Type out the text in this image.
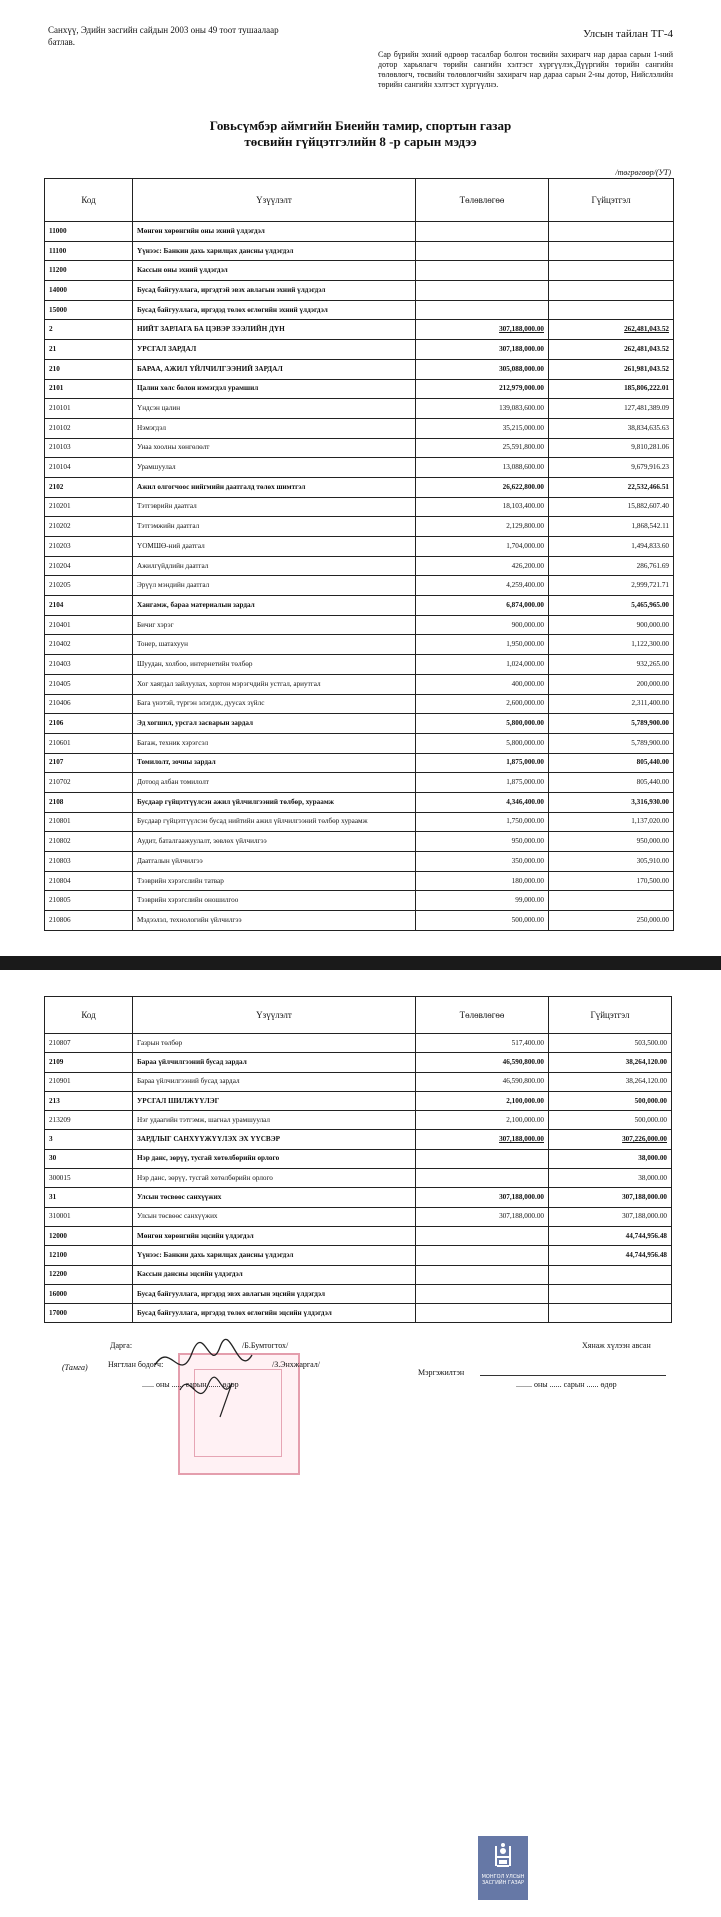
Санхүү, Эдийн засгийн сайдын 2003 оны 49 тоот тушаалаар батлав.
Улсын тайлан ТГ-4
Сар бүрийн эхний өдрөөр тасалбар болгон төсвийн захирагч нар дараа сарын 1-ний дотор харьялагч төрийн сангийн хэлтэст хүргүүлэх,Дүүргийн төрийн сангийн төлөвлөгч, төсвийн төлөвлөгчийн захирагч нар дараа сарын 2-ны дотор, Нийслэлийн төрийн сангийн хэлтэст хүргүүлнэ.
Говьсүмбэр аймгийн Биеийн тамир, спортын газар
төсвийн гүйцэтгэлийн 8 -р сарын мэдээ
/төгрөгөөр/(УТ)
Код	Үзүүлэлт	Төлөвлөгөө	Гүйцэтгэл
11000	Мөнгөн хөрөнгийн оны эхний үлдэгдэл		
11100	Үүнээс: Банкин дахь харилцах дансны үлдэгдэл		
11200	Кассын оны эхний үлдэгдэл		
14000	Бусад байгууллага, иргэдтэй эвэх авлагын эхний үлдэгдэл		
15000	Бусад байгууллага, иргэдэд төлөх өглөгийн эхний үлдэгдэл		
2	НИЙТ ЗАРЛАГА БА ЦЭВЭР ЗЭЭЛИЙН ДҮН	307,188,000.00	262,481,043.52
21	УРСГАЛ ЗАРДАЛ	307,188,000.00	262,481,043.52
210	БАРАА, АЖИЛ ҮЙЛЧИЛГЭЭНИЙ ЗАРДАЛ	305,088,000.00	261,981,043.52
2101	Цалин хөлс болон нэмэгдэл урамшил	212,979,000.00	185,806,222.01
210101	Үндсэн цалин	139,083,600.00	127,481,389.09
210102	Нэмэгдэл	35,215,000.00	38,834,635.63
210103	Унаа хоолны хөнгөлөлт	25,591,800.00	9,810,281.06
210104	Урамшуулал	13,088,600.00	9,679,916.23
2102	Ажил олгогчоос нийгмийн даатгалд төлөх шимтгэл	26,622,800.00	22,532,466.51
210201	Тэтгэврийн даатгал	18,103,400.00	15,882,607.40
210202	Тэтгэмжийн даатгал	2,129,800.00	1,868,542.11
210203	ҮОМШӨ-ний даатгал	1,704,000.00	1,494,833.60
210204	Ажилгүйдлийн даатгал	426,200.00	286,761.69
210205	Эрүүл мэндийн даатгал	4,259,400.00	2,999,721.71
2104	Хангамж, бараа материалын зардал	6,874,000.00	5,465,965.00
210401	Бичиг хэрэг	900,000.00	900,000.00
210402	Тонер, шатахуун	1,950,000.00	1,122,300.00
210403	Шуудан, холбоо, интернетийн төлбөр	1,024,000.00	932,265.00
210405	Хог хаягдал зайлуулах, хортон мэрэгчдийн устгал, ариутгал	400,000.00	200,000.00
210406	Бага үнэтэй, түргэн элэгдэх, дуусах зүйлс	2,600,000.00	2,311,400.00
2106	Эд хогшил, урсгал засварын зардал	5,800,000.00	5,789,900.00
210601	Багаж, техник хэрэгсэл	5,800,000.00	5,789,900.00
2107	Томилолт, зочны зардал	1,875,000.00	805,440.00
210702	Дотоод албан томилолт	1,875,000.00	805,440.00
2108	Бусдаар гүйцэтгүүлсэн ажил үйлчилгээний төлбөр, хураамж	4,346,400.00	3,316,930.00
210801	Бусдаар гүйцэтгүүлсэн бусад нийтийн ажил үйлчилгээний төлбөр хураамж	1,750,000.00	1,137,020.00
210802	Аудит, баталгаажуулалт, зөвлөх үйлчилгээ	950,000.00	950,000.00
210803	Даатгалын үйлчилгээ	350,000.00	305,910.00
210804	Тээврийн хэрэгслийн татвар	180,000.00	170,500.00
210805	Тээврийн хэрэгслийн оношилгоо	99,000.00	
210806	Мэдээлэл, технологийн үйлчилгээ	500,000.00	250,000.00
Код	Үзүүлэлт	Төлөвлөгөө	Гүйцэтгэл
210807	Газрын төлбөр	517,400.00	503,500.00
2109	Бараа үйлчилгээний бусад зардал	46,590,800.00	38,264,120.00
210901	Бараа үйлчилгээний бусад зардал	46,590,800.00	38,264,120.00
213	УРСГАЛ ШИЛЖҮҮЛЭГ	2,100,000.00	500,000.00
213209	Нэг удаагийн тэтгэмж, шагнал урамшуулал	2,100,000.00	500,000.00
3	ЗАРДЛЫГ САНХҮҮЖҮҮЛЭХ ЭХ ҮҮСВЭР	307,188,000.00	307,226,000.00
30	Нэр данс, зөрүү, тусгай хөтөлбөрийн орлого		38,000.00
300015	Нэр данс, зөрүү, тусгай хөтөлбөрийн орлого		38,000.00
31	Улсын төсвөөс санхүүжих	307,188,000.00	307,188,000.00
310001	Улсын төсвөөс санхүүжих	307,188,000.00	307,188,000.00
12000	Мөнгөн хөрөнгийн эцсийн үлдэгдэл		44,744,956.48
12100	Үүнээс: Банкин дахь харилцах дансны үлдэгдэл		44,744,956.48
12200	Кассын дансны эцсийн үлдэгдэл		
16000	Бусад байгууллага, иргэдэд эвэх авлагын эцсийн үлдэгдэл		
17000	Бусад байгууллага, иргэдэд төлөх өглөгийн эцсийн үлдэгдэл		
Дарга:	/Б.Бумтогтох/
(Тамга)	Нягтлан бодогч:	/З.Энхжаргал/
...... оны ...... сарын ...... өдөр
Хянаж хүлээн авсан
Мэргэжилтэн
........ оны ...... сарын ...... өдөр
МОНГОЛ УЛСЫН
ЗАСГИЙН ГАЗАР
